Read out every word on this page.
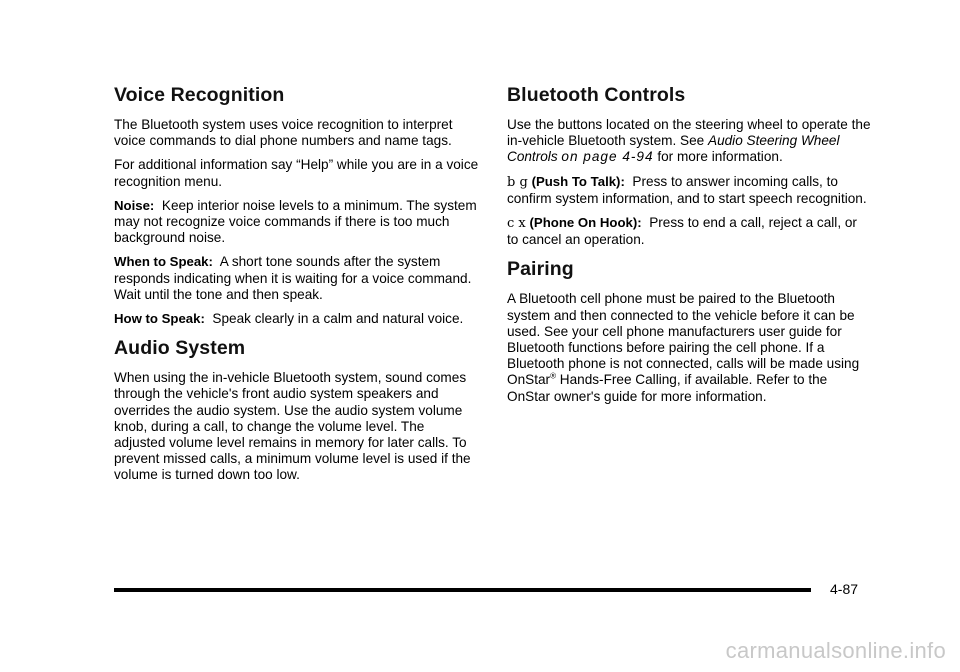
Voice Recognition

The Bluetooth system uses voice recognition to interpret voice commands to dial phone numbers and name tags.

For additional information say “Help” while you are in a voice recognition menu.

Noise: Keep interior noise levels to a minimum. The system may not recognize voice commands if there is too much background noise.

When to Speak: A short tone sounds after the system responds indicating when it is waiting for a voice command. Wait until the tone and then speak.

How to Speak: Speak clearly in a calm and natural voice.

Audio System

When using the in-vehicle Bluetooth system, sound comes through the vehicle's front audio system speakers and overrides the audio system. Use the audio system volume knob, during a call, to change the volume level. The adjusted volume level remains in memory for later calls. To prevent missed calls, a minimum volume level is used if the volume is turned down too low.

Bluetooth Controls

Use the buttons located on the steering wheel to operate the in-vehicle Bluetooth system. See Audio Steering Wheel Controls on page 4-94 for more information.

b g (Push To Talk): Press to answer incoming calls, to confirm system information, and to start speech recognition.

c x (Phone On Hook): Press to end a call, reject a call, or to cancel an operation.

Pairing

A Bluetooth cell phone must be paired to the Bluetooth system and then connected to the vehicle before it can be used. See your cell phone manufacturers user guide for Bluetooth functions before pairing the cell phone. If a Bluetooth phone is not connected, calls will be made using OnStar® Hands-Free Calling, if available. Refer to the OnStar owner's guide for more information.

4-87
carmanualsonline.info
